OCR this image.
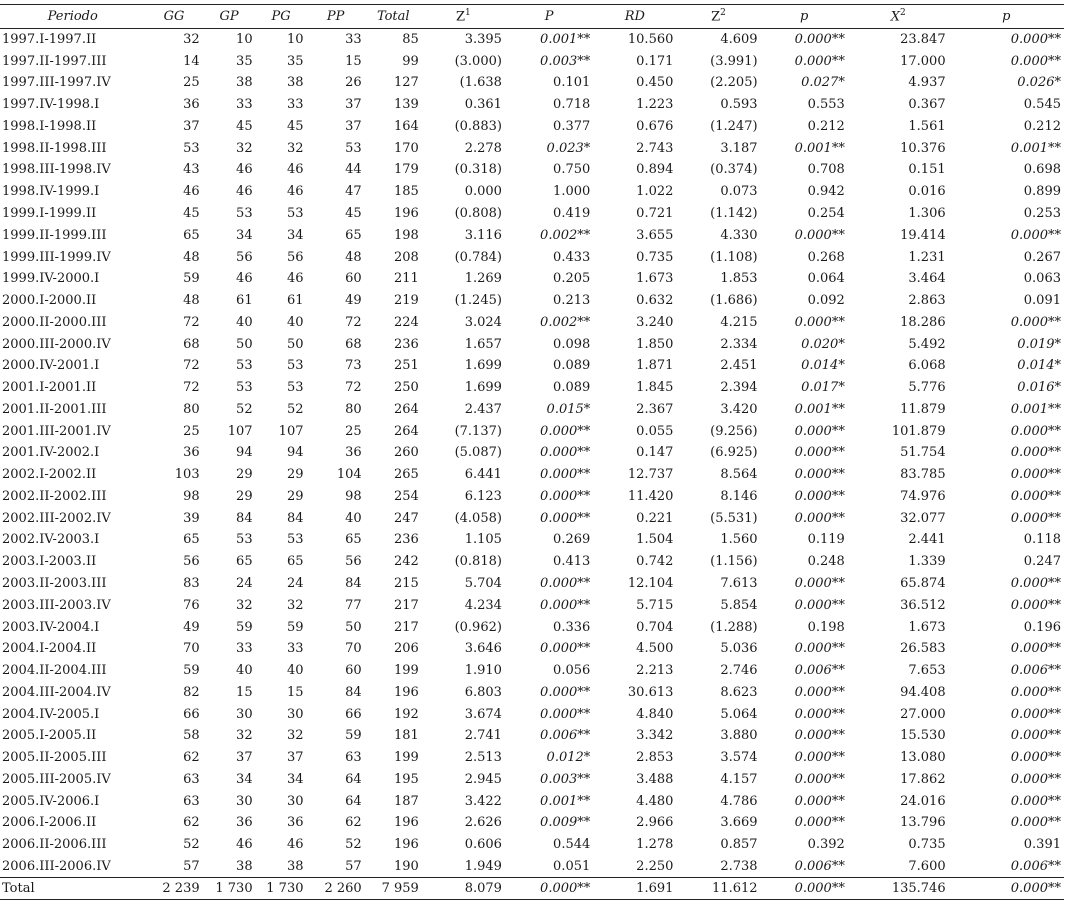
Periodo	GG	GP	PG	PP	Total	$Z^1$	P	RD	$Z^2$	p	$X^2$	p
1997.I-1997.II	32	10	10	33	85	3.395	0.001**	10.560	4.609	0.000**	23.847	0.000**
1997.II-1997.III	14	35	35	15	99	(3.000)	0.003**	0.171	(3.991)	0.000**	17.000	0.000**
1997.III-1997.IV	25	38	38	26	127	(1.638	0.101	0.450	(2.205)	0.027*	4.937	0.026*
1997.IV-1998.I	36	33	33	37	139	0.361	0.718	1.223	0.593	0.553	0.367	0.545
1998.I-1998.II	37	45	45	37	164	(0.883)	0.377	0.676	(1.247)	0.212	1.561	0.212
1998.II-1998.III	53	32	32	53	170	2.278	0.023*	2.743	3.187	0.001**	10.376	0.001**
1998.III-1998.IV	43	46	46	44	179	(0.318)	0.750	0.894	(0.374)	0.708	0.151	0.698
1998.IV-1999.I	46	46	46	47	185	0.000	1.000	1.022	0.073	0.942	0.016	0.899
1999.I-1999.II	45	53	53	45	196	(0.808)	0.419	0.721	(1.142)	0.254	1.306	0.253
1999.II-1999.III	65	34	34	65	198	3.116	0.002**	3.655	4.330	0.000**	19.414	0.000**
1999.III-1999.IV	48	56	56	48	208	(0.784)	0.433	0.735	(1.108)	0.268	1.231	0.267
1999.IV-2000.I	59	46	46	60	211	1.269	0.205	1.673	1.853	0.064	3.464	0.063
2000.I-2000.II	48	61	61	49	219	(1.245)	0.213	0.632	(1.686)	0.092	2.863	0.091
2000.II-2000.III	72	40	40	72	224	3.024	0.002**	3.240	4.215	0.000**	18.286	0.000**
2000.III-2000.IV	68	50	50	68	236	1.657	0.098	1.850	2.334	0.020*	5.492	0.019*
2000.IV-2001.I	72	53	53	73	251	1.699	0.089	1.871	2.451	0.014*	6.068	0.014*
2001.I-2001.II	72	53	53	72	250	1.699	0.089	1.845	2.394	0.017*	5.776	0.016*
2001.II-2001.III	80	52	52	80	264	2.437	0.015*	2.367	3.420	0.001**	11.879	0.001**
2001.III-2001.IV	25	107	107	25	264	(7.137)	0.000**	0.055	(9.256)	0.000**	101.879	0.000**
2001.IV-2002.I	36	94	94	36	260	(5.087)	0.000**	0.147	(6.925)	0.000**	51.754	0.000**
2002.I-2002.II	103	29	29	104	265	6.441	0.000**	12.737	8.564	0.000**	83.785	0.000**
2002.II-2002.III	98	29	29	98	254	6.123	0.000**	11.420	8.146	0.000**	74.976	0.000**
2002.III-2002.IV	39	84	84	40	247	(4.058)	0.000**	0.221	(5.531)	0.000**	32.077	0.000**
2002.IV-2003.I	65	53	53	65	236	1.105	0.269	1.504	1.560	0.119	2.441	0.118
2003.I-2003.II	56	65	65	56	242	(0.818)	0.413	0.742	(1.156)	0.248	1.339	0.247
2003.II-2003.III	83	24	24	84	215	5.704	0.000**	12.104	7.613	0.000**	65.874	0.000**
2003.III-2003.IV	76	32	32	77	217	4.234	0.000**	5.715	5.854	0.000**	36.512	0.000**
2003.IV-2004.I	49	59	59	50	217	(0.962)	0.336	0.704	(1.288)	0.198	1.673	0.196
2004.I-2004.II	70	33	33	70	206	3.646	0.000**	4.500	5.036	0.000**	26.583	0.000**
2004.II-2004.III	59	40	40	60	199	1.910	0.056	2.213	2.746	0.006**	7.653	0.006**
2004.III-2004.IV	82	15	15	84	196	6.803	0.000**	30.613	8.623	0.000**	94.408	0.000**
2004.IV-2005.I	66	30	30	66	192	3.674	0.000**	4.840	5.064	0.000**	27.000	0.000**
2005.I-2005.II	58	32	32	59	181	2.741	0.006**	3.342	3.880	0.000**	15.530	0.000**
2005.II-2005.III	62	37	37	63	199	2.513	0.012*	2.853	3.574	0.000**	13.080	0.000**
2005.III-2005.IV	63	34	34	64	195	2.945	0.003**	3.488	4.157	0.000**	17.862	0.000**
2005.IV-2006.I	63	30	30	64	187	3.422	0.001**	4.480	4.786	0.000**	24.016	0.000**
2006.I-2006.II	62	36	36	62	196	2.626	0.009**	2.966	3.669	0.000**	13.796	0.000**
2006.II-2006.III	52	46	46	52	196	0.606	0.544	1.278	0.857	0.392	0.735	0.391
2006.III-2006.IV	57	38	38	57	190	1.949	0.051	2.250	2.738	0.006**	7.600	0.006**
Total	2 239	1 730	1 730	2 260	7 959	8.079	0.000**	1.691	11.612	0.000**	135.746	0.000**
